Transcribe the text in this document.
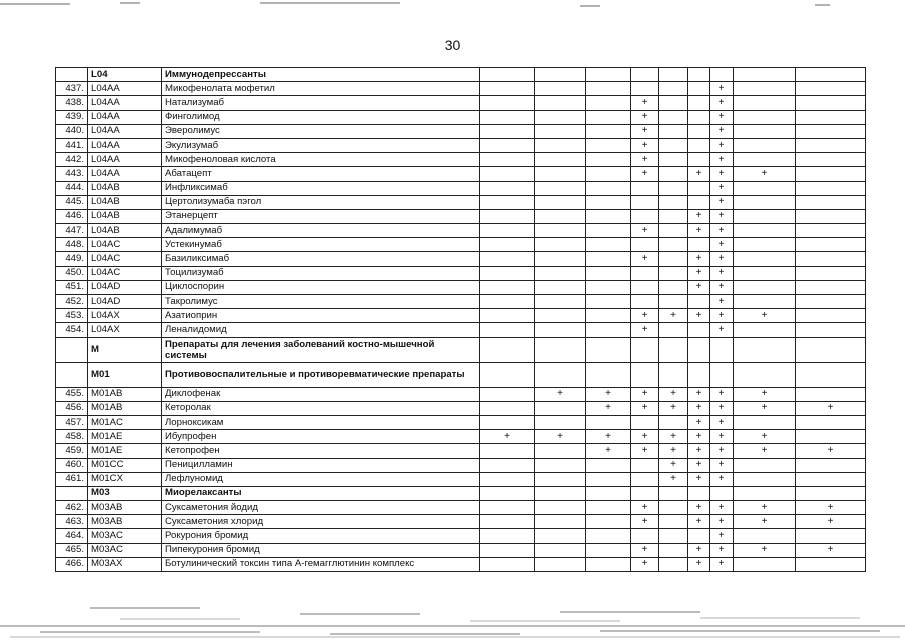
30
	L04	Иммунодепрессанты									
437.	L04AA	Микофенолата мофетил							+		
438.	L04AA	Натализумаб				+			+		
439.	L04AA	Финголимод				+			+		
440.	L04AA	Эверолимус				+			+		
441.	L04AA	Экулизумаб				+			+		
442.	L04AA	Микофеноловая кислота				+			+		
443.	L04AA	Абатацепт				+		+	+	+	
444.	L04AB	Инфликсимаб							+		
445.	L04AB	Цертолизумаба пэгол							+		
446.	L04AB	Этанерцепт						+	+		
447.	L04AB	Адалимумаб				+		+	+		
448.	L04AC	Устекинумаб							+		
449.	L04AC	Базиликсимаб				+		+	+		
450.	L04AC	Тоцилизумаб						+	+		
451.	L04AD	Циклоспорин						+	+		
452.	L04AD	Такролимус							+		
453.	L04AX	Азатиоприн				+	+	+	+	+	
454.	L04AX	Леналидомид				+			+		
	М	Препараты для лечения заболеваний костно-мышечной системы									
	М01	Противовоспалительные и противоревматические препараты									
455.	M01AB	Диклофенак		+	+	+	+	+	+	+	
456.	M01AB	Кеторолак			+	+	+	+	+	+	+
457.	M01AC	Лорноксикам						+	+		
458.	M01AE	Ибупрофен	+	+	+	+	+	+	+	+	
459.	M01AE	Кетопрофен			+	+	+	+	+	+	+
460.	M01CC	Пеницилламин					+	+	+		
461.	M01CX	Лефлуномид					+	+	+		
	M03	Миорелаксанты									
462.	M03AB	Суксаметония йодид				+		+	+	+	+
463.	M03AB	Суксаметония хлорид				+		+	+	+	+
464.	M03AC	Рокурония бромид							+		
465.	M03AC	Пипекурония бромид				+		+	+	+	+
466.	M03AX	Ботулинический токсин типа А-гемагглютинин комплекс				+		+	+		
